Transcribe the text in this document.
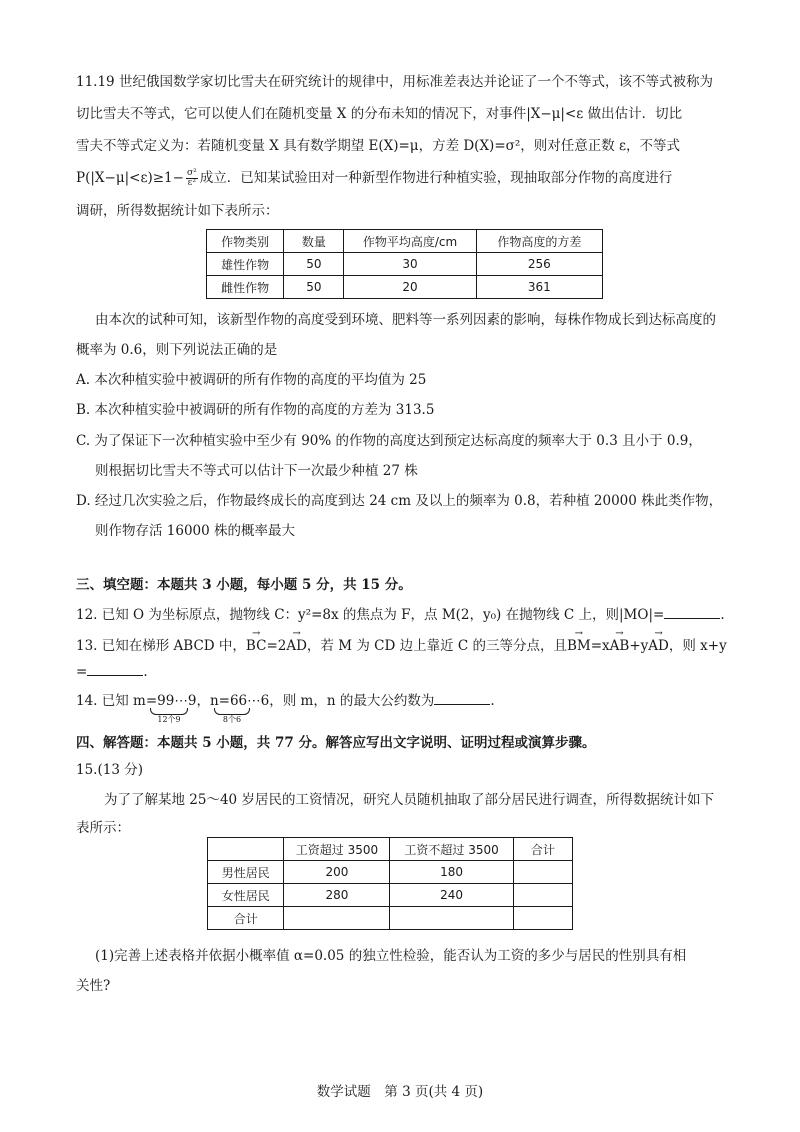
11.19 世纪俄国数学家切比雪夫在研究统计的规律中，用标准差表达并论证了一个不等式，该不等式被称为
切比雪夫不等式，它可以使人们在随机变量 X 的分布未知的情况下，对事件|X−μ|<ε 做出估计．切比
雪夫不等式定义为：若随机变量 X 具有数学期望 E(X)=μ，方差 D(X)=σ²，则对任意正数 ε，不等式
$P(|X-\mu|<\varepsilon)\ge 1- \frac{\text{σ²}}{\text{ε²}}$ 成立．已知某试验田对一种新型作物进行种植实验，现抽取部分作物的高度进行
调研，所得数据统计如下表所示：
作物类别	数量	作物平均高度/cm	作物高度的方差
雄性作物	50	30	256
雌性作物	50	20	361
由本次的试种可知，该新型作物的高度受到环境、肥料等一系列因素的影响，每株作物成长到达标高度的
概率为 0.6，则下列说法正确的是
A. 本次种植实验中被调研的所有作物的高度的平均值为 25
B. 本次种植实验中被调研的所有作物的高度的方差为 313.5
C. 为了保证下一次种植实验中至少有 90% 的作物的高度达到预定达标高度的频率大于 0.3 且小于 0.9，
则根据切比雪夫不等式可以估计下一次最少种植 27 株
D. 经过几次实验之后，作物最终成长的高度到达 24 cm 及以上的频率为 0.8，若种植 20000 株此类作物，
则作物存活 16000 株的概率最大
三、填空题：本题共 3 小题，每小题 5 分，共 15 分。
12. 已知 O 为坐标原点，抛物线 C：y²=8x 的焦点为 F，点 M(2，y₀) 在抛物线 C 上，则|MO|=	.
13. 已知在梯形 ABCD 中，→ BC=2→ AD，若 M 为 CD 边上靠近 C 的三等分点，且→ BM=x→ AB+y→ AD，则 x+y
=	.
14. 已知 m=99⋯9，n=66⋯6，则 m，n 的最大公约数为	.
12个9	8个6
四、解答题：本题共 5 小题，共 77 分。解答应写出文字说明、证明过程或演算步骤。
15.(13 分)
为了了解某地 25～40 岁居民的工资情况，研究人员随机抽取了部分居民进行调查，所得数据统计如下
表所示：
	工资超过 3500	工资不超过 3500	合计
男性居民	200	180	
女性居民	280	240	
合计			
(1)完善上述表格并依据小概率值 α=0.05 的独立性检验，能否认为工资的多少与居民的性别具有相
关性?
数学试题　第 3 页(共 4 页)
